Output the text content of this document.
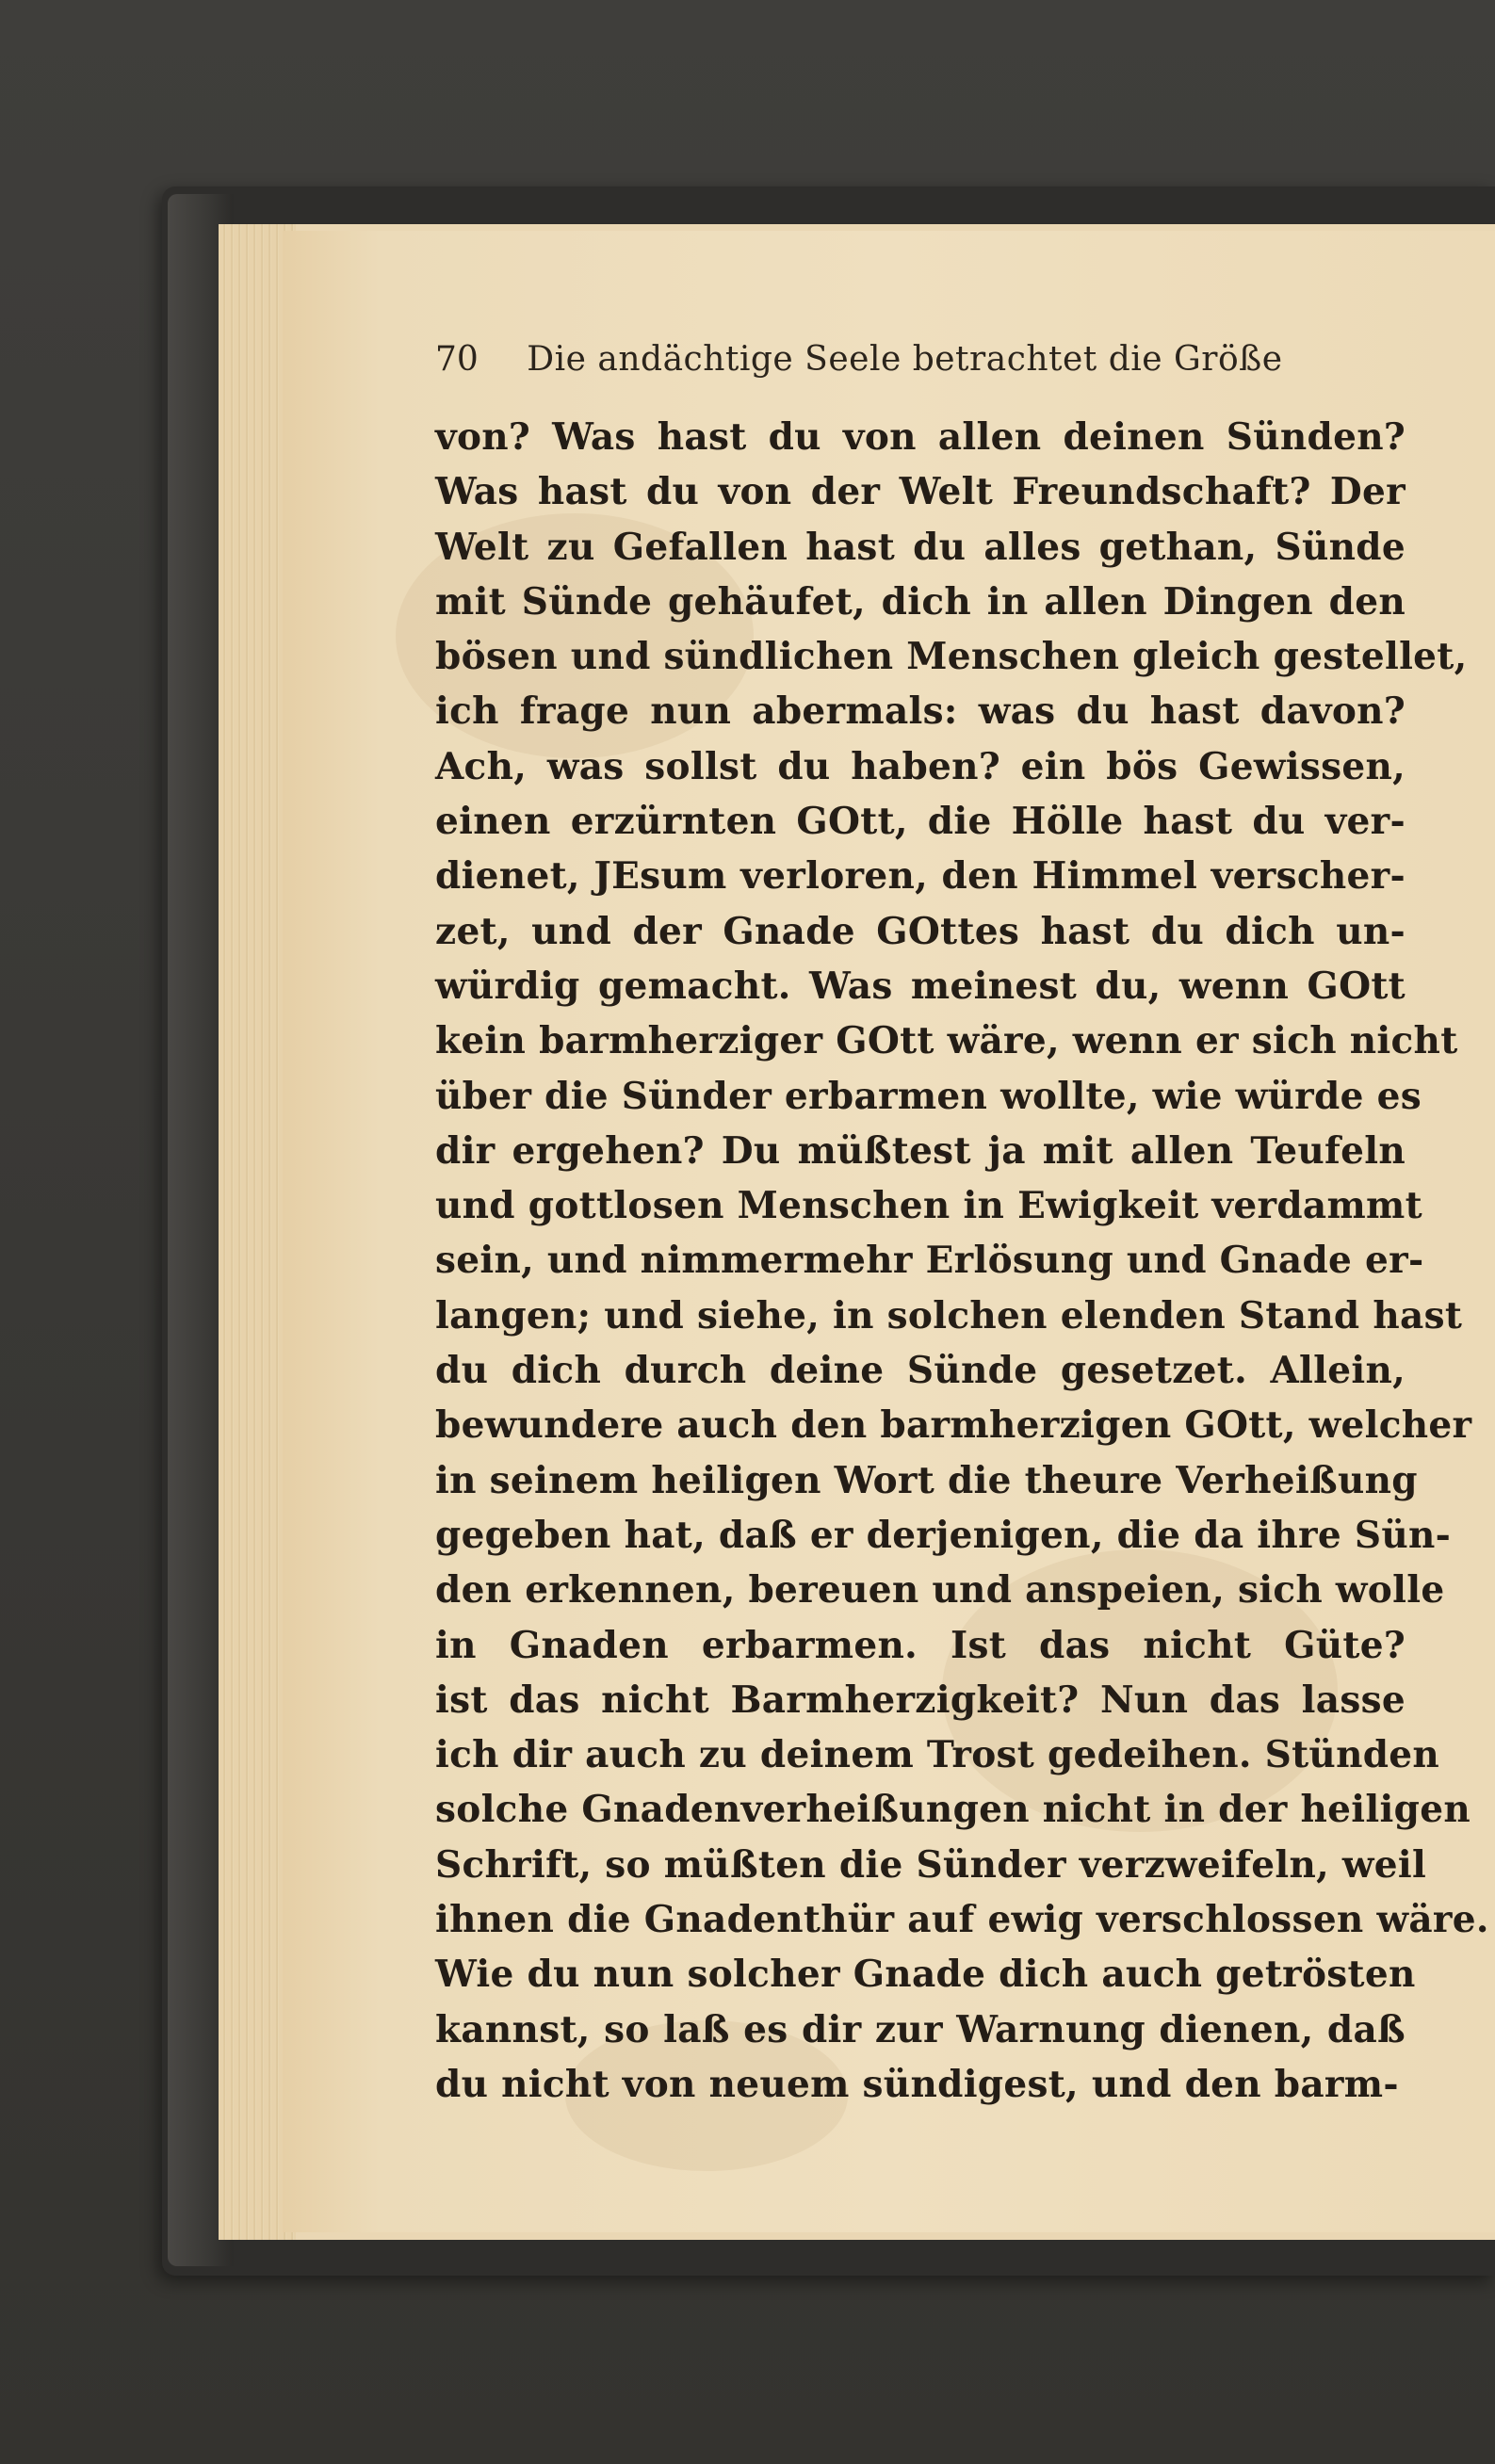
70 Die andächtige Seele betrachtet die Größe
von? Was hast du von allen deinen Sünden?
Was hast du von der Welt Freundschaft? Der
Welt zu Gefallen hast du alles gethan, Sünde
mit Sünde gehäufet, dich in allen Dingen den
bösen und sündlichen Menschen gleich gestellet,
ich frage nun abermals: was du hast davon?
Ach, was sollst du haben? ein bös Gewissen,
einen erzürnten GOtt, die Hölle hast du ver-
dienet, JEsum verloren, den Himmel verscher-
zet, und der Gnade GOttes hast du dich un-
würdig gemacht. Was meinest du, wenn GOtt
kein barmherziger GOtt wäre, wenn er sich nicht
über die Sünder erbarmen wollte, wie würde es
dir ergehen? Du müßtest ja mit allen Teufeln
und gottlosen Menschen in Ewigkeit verdammt
sein, und nimmermehr Erlösung und Gnade er-
langen; und siehe, in solchen elenden Stand hast
du dich durch deine Sünde gesetzet. Allein,
bewundere auch den barmherzigen GOtt, welcher
in seinem heiligen Wort die theure Verheißung
gegeben hat, daß er derjenigen, die da ihre Sün-
den erkennen, bereuen und anspeien, sich wolle
in Gnaden erbarmen. Ist das nicht Güte?
ist das nicht Barmherzigkeit? Nun das lasse
ich dir auch zu deinem Trost gedeihen. Stünden
solche Gnadenverheißungen nicht in der heiligen
Schrift, so müßten die Sünder verzweifeln, weil
ihnen die Gnadenthür auf ewig verschlossen wäre.
Wie du nun solcher Gnade dich auch getrösten
kannst, so laß es dir zur Warnung dienen, daß
du nicht von neuem sündigest, und den barm-
